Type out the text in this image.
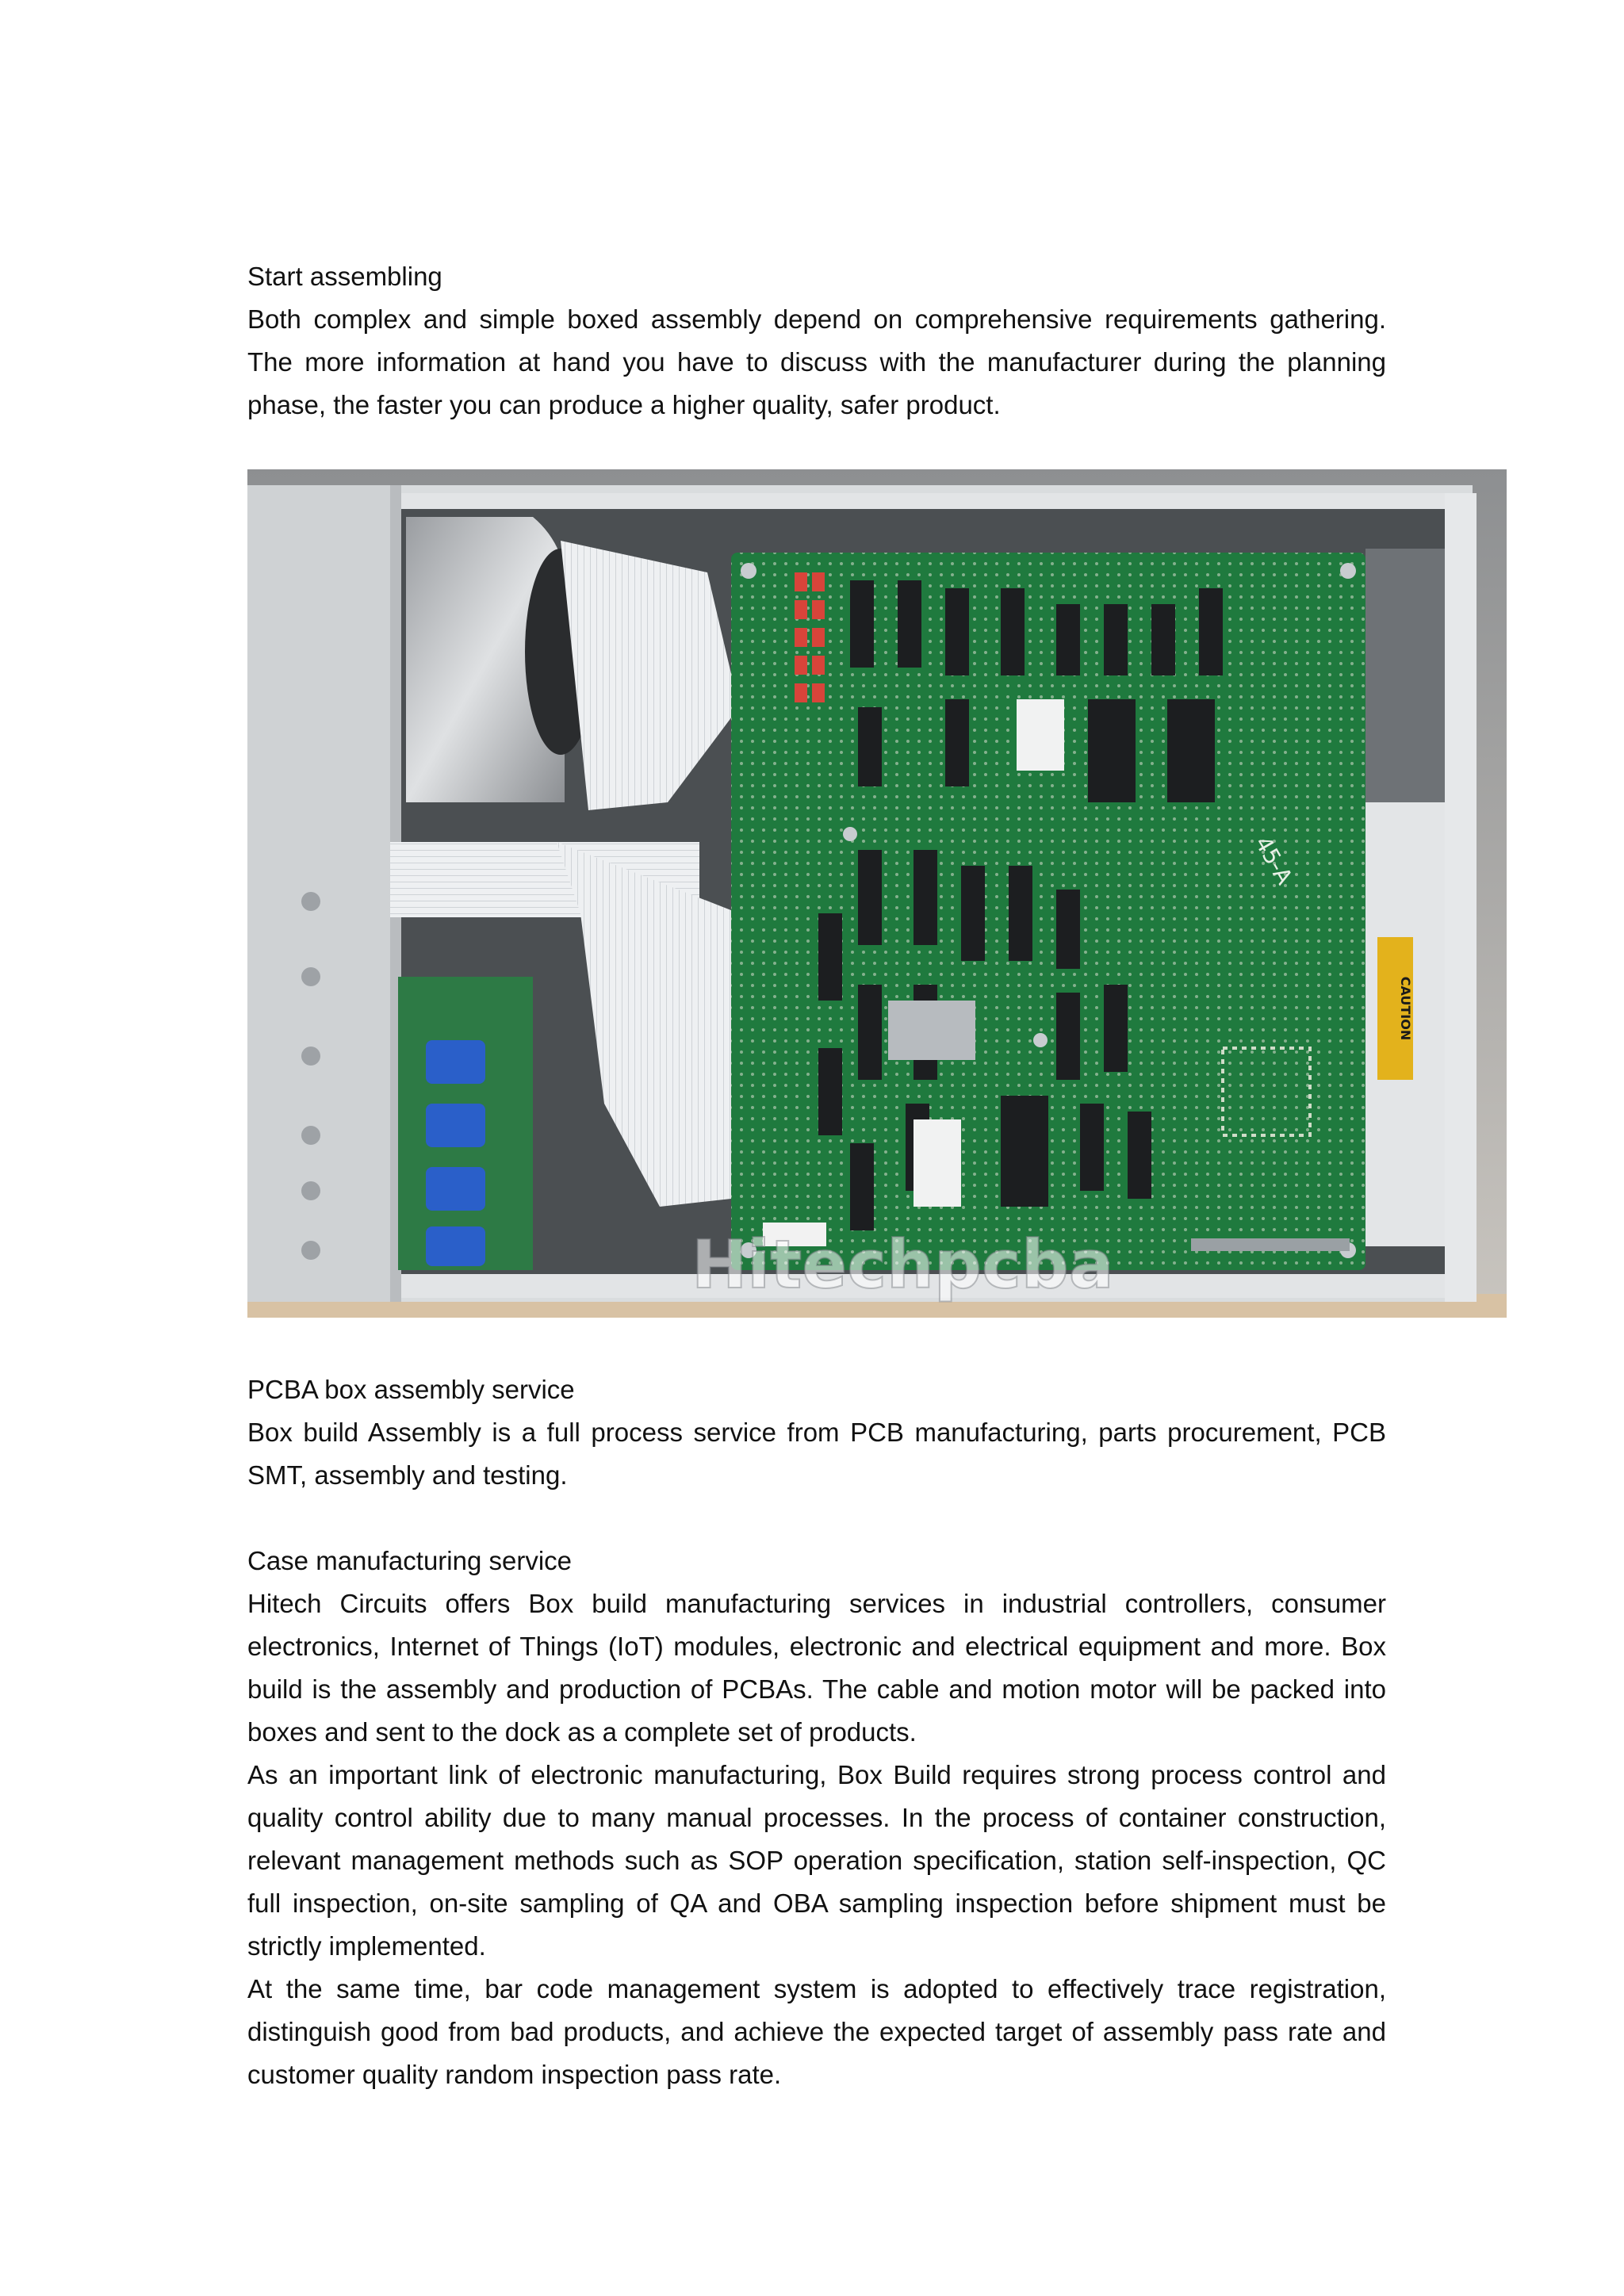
Start assembling

Both complex and simple boxed assembly depend on comprehensive requirements gathering. The more information at hand you have to discuss with the manufacturer during the planning phase, the faster you can produce a higher quality, safer product.

45-A
CAUTION
Hitechpcba

PCBA box assembly service

Box build Assembly is a full process service from PCB manufacturing, parts procurement, PCB SMT, assembly and testing.

Case manufacturing service

Hitech Circuits offers Box build manufacturing services in industrial controllers, consumer electronics, Internet of Things (IoT) modules, electronic and electrical equipment and more. Box build is the assembly and production of PCBAs. The cable and motion motor will be packed into boxes and sent to the dock as a complete set of products.

As an important link of electronic manufacturing, Box Build requires strong process control and quality control ability due to many manual processes. In the process of container construction, relevant management methods such as SOP operation specification, station self-inspection, QC full inspection, on-site sampling of QA and OBA sampling inspection before shipment must be strictly implemented.

At the same time, bar code management system is adopted to effectively trace registration, distinguish good from bad products, and achieve the expected target of assembly pass rate and customer quality random inspection pass rate.
